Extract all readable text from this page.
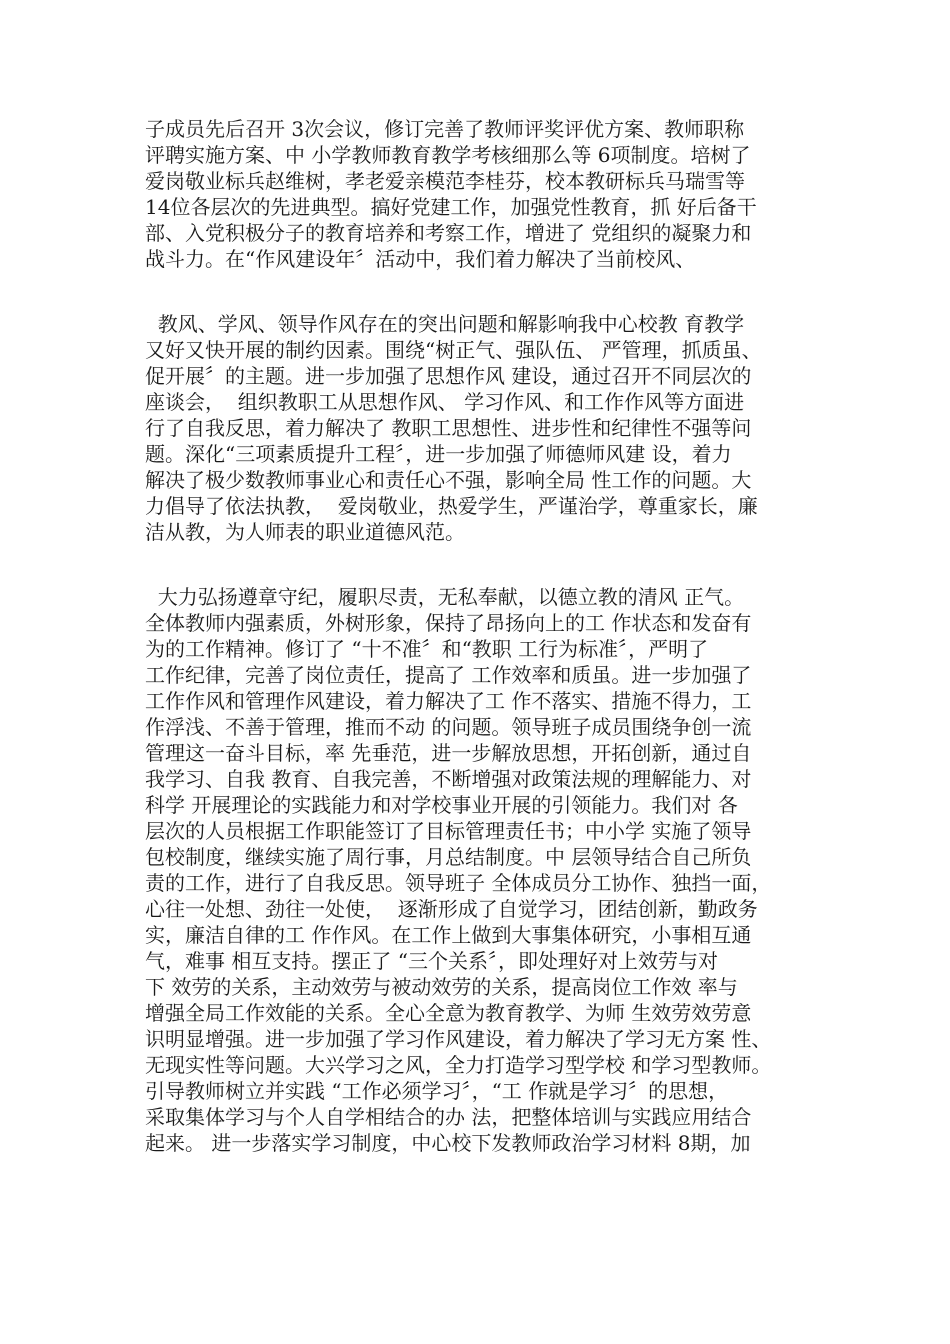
子成员先后召开 3次会议，修订完善了教师评奖评优方案、教师职称
评聘实施方案、中 小学教师教育教学考核细那么等 6项制度。培树了
爱岗敬业标兵赵维树，孝老爱亲模范李桂芬，校本教研标兵马瑞雪等
14位各层次的先进典型。搞好党建工作，加强党性教育，抓 好后备干
部、入党积极分子的教育培养和考察工作，增进了 党组织的凝聚力和
战斗力。在“作风建设年〞活动中，我们着力解决了当前校风、
教风、学风、领导作风存在的突出问题和解影响我中心校教 育教学
又好又快开展的制约因素。围绕“树正气、强队伍、 严管理，抓质虽、
促开展〞的主题。进一步加强了思想作风 建设，通过召开不同层次的
座谈会，  组织教职工从思想作风、 学习作风、和工作作风等方面进
行了自我反思，着力解决了 教职工思想性、进步性和纪律性不强等问
题。深化“三项素质提升工程〞，进一步加强了师德师风建 设，着力
解决了极少数教师事业心和责任心不强，影响全局 性工作的问题。大
力倡导了依法执教，  爱岗敬业，热爱学生，严谨治学，尊重家长，廉
洁从教，为人师表的职业道德风范。
大力弘扬遵章守纪，履职尽责，无私奉献，以德立教的清风 正气。
全体教师内强素质，外树形象，保持了昂扬向上的工 作状态和发奋有
为的工作精神。修订了 “十不准〞和“教职 工行为标准〞，严明了
工作纪律，完善了岗位责任，提高了 工作效率和质虽。进一步加强了
工作作风和管理作风建设，着力解决了工 作不落实、措施不得力，工
作浮浅、不善于管理，推而不动 的问题。领导班子成员围绕争创一流
管理这一奋斗目标，率 先垂范，进一步解放思想，开拓创新，通过自
我学习、自我 教育、自我完善，不断增强对政策法规的理解能力、对
科学 开展理论的实践能力和对学校事业开展的引领能力。我们对 各
层次的人员根据工作职能签订了目标管理责任书；中小学 实施了领导
包校制度，继续实施了周行事，月总结制度。中 层领导结合自己所负
责的工作，进行了自我反思。领导班子 全体成员分工协作、独挡一面，
心往一处想、劲往一处使，  逐渐形成了自觉学习，团结创新，勤政务
实，廉洁自律的工 作作风。在工作上做到大事集体研究，小事相互通
气，难事 相互支持。摆正了 “三个关系〞，即处理好对上效劳与对
下 效劳的关系，主动效劳与被动效劳的关系，提高岗位工作效 率与
增强全局工作效能的关系。全心全意为教育教学、为师 生效劳效劳意
识明显增强。进一步加强了学习作风建设，着力解决了学习无方案 性、
无现实性等问题。大兴学习之风，全力打造学习型学校 和学习型教师。
引导教师树立并实践 “工作必须学习〞，“工 作就是学习〞的思想，
采取集体学习与个人自学相结合的办 法，把整体培训与实践应用结合
起来。 进一步落实学习制度，中心校下发教师政治学习材料 8期，加
